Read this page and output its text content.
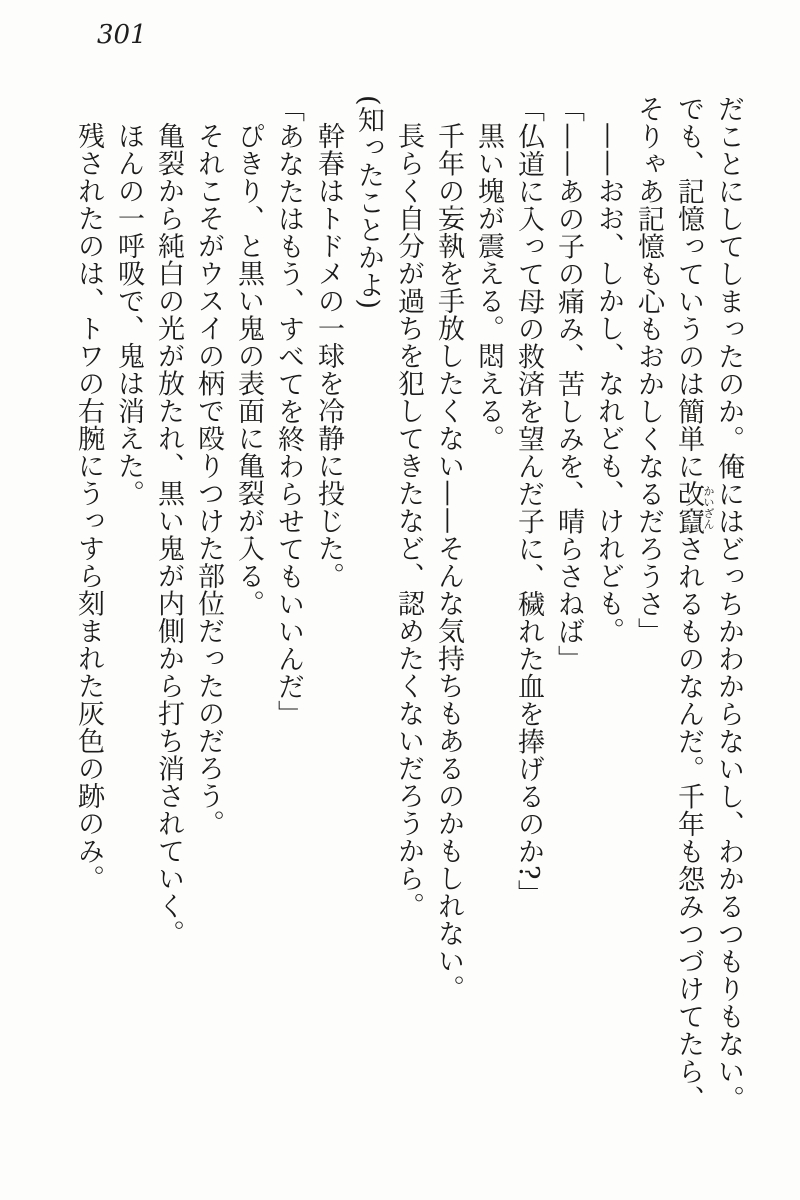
301

だことにしてしまったのか。俺にはどっちかわからないし、わかるつもりもない。でも、記憶っていうのは簡単に改竄かいざんされるものなんだ。千年も怨みつづけてたら、そりゃあ記憶も心もおかしくなるだろうさ」

——おお、しかし、なれども、けれども。

「——あの子の痛み、苦しみを、晴らさねば」

「仏道に入って母の救済を望んだ子に、穢れた血を捧げるのか?」

黒い塊が震える。悶える。

千年の妄執を手放したくない——そんな気持ちもあるのかもしれない。

長らく自分が過ちを犯してきたなど、認めたくないだろうから。

(知ったことかよ)

幹春はトドメの一球を冷静に投じた。

「あなたはもう、すべてを終わらせてもいいんだ」

ぴきり、と黒い鬼の表面に亀裂が入る。

それこそがウスイの柄で殴りつけた部位だったのだろう。

亀裂から純白の光が放たれ、黒い鬼が内側から打ち消されていく。

ほんの一呼吸で、鬼は消えた。

残されたのは、トワの右腕にうっすら刻まれた灰色の跡のみ。
